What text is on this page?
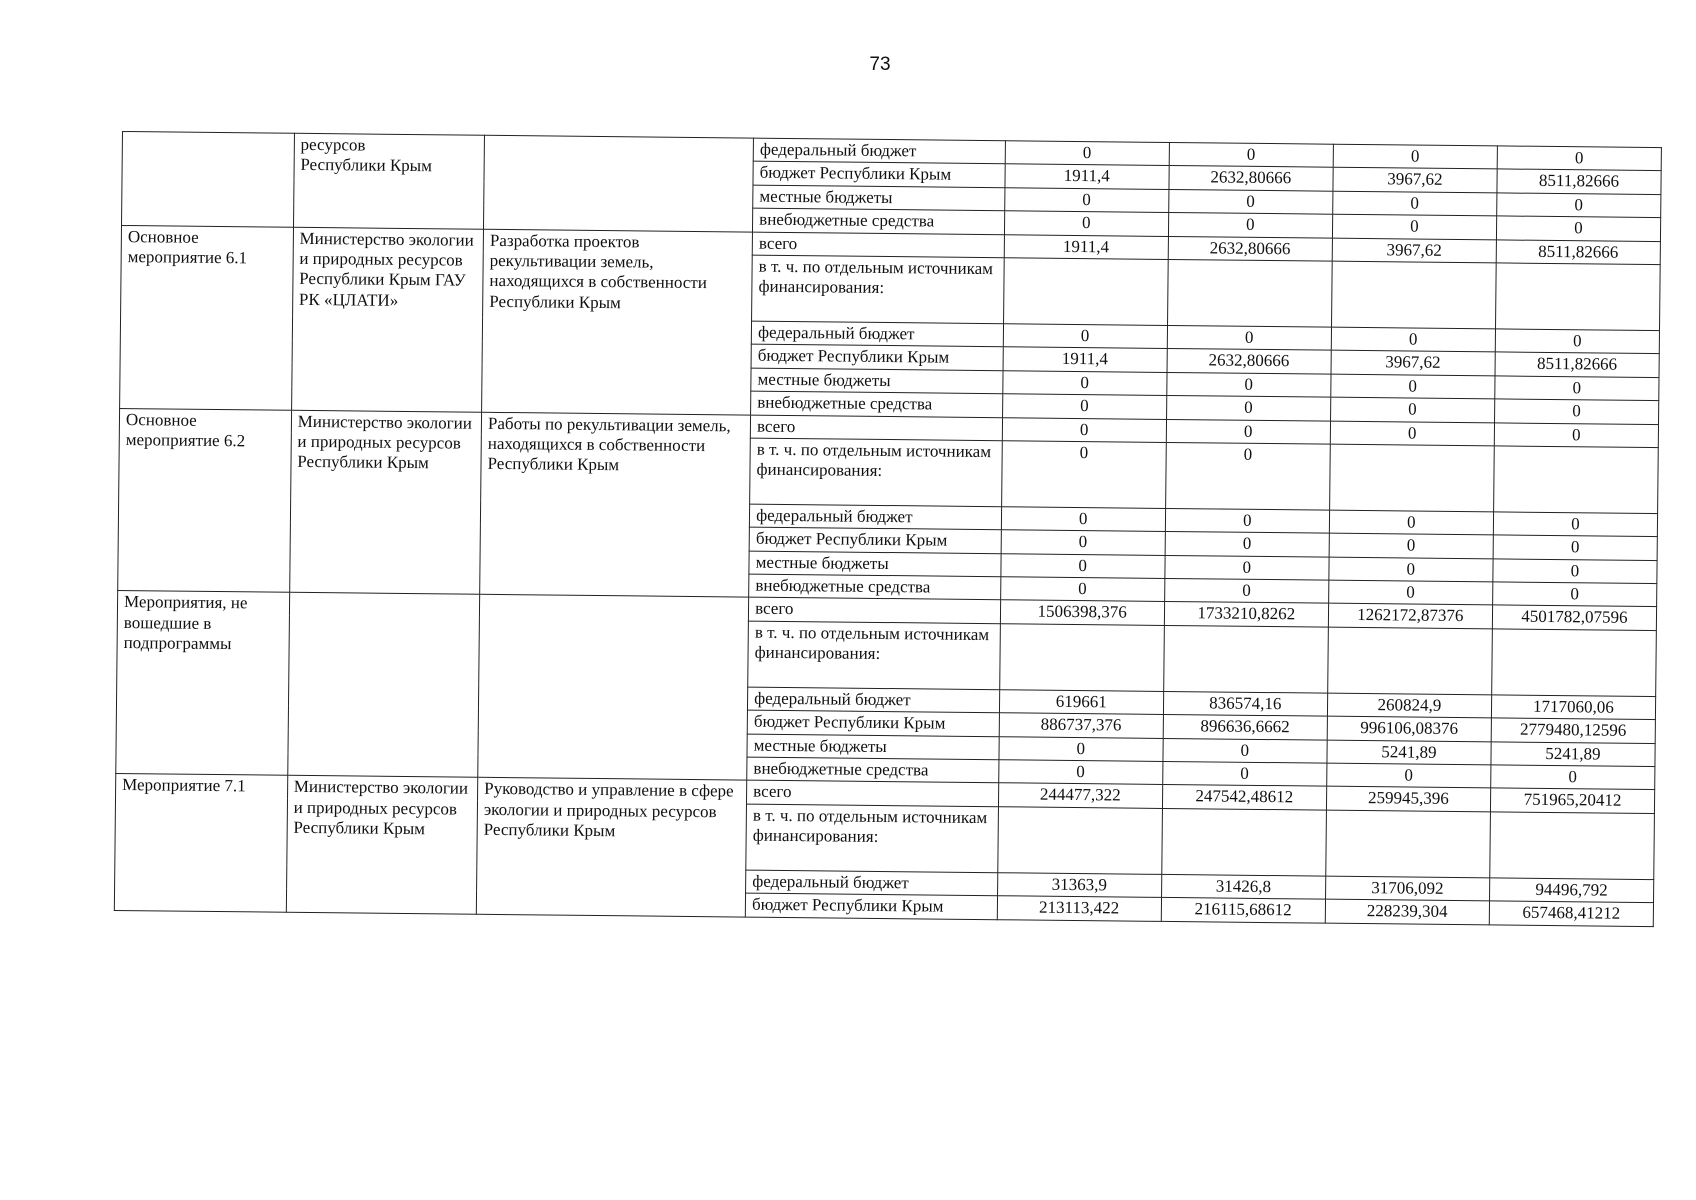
73
	ресурсов
Республики Крым		федеральный бюджет	0	0	0	0
			бюджет Республики Крым	1911,4	2632,80666	3967,62	8511,82666
			местные бюджеты	0	0	0	0
			внебюджетные средства	0	0	0	0
Основное мероприятие 6.1	Министерство экологии и природных ресурсов Республики Крым ГАУ РК «ЦЛАТИ»	Разработка проектов рекультивации земель, находящихся в собственности Республики Крым	всего	1911,4	2632,80666	3967,62	8511,82666
			в т. ч. по отдельным источникам финансирования:				
			федеральный бюджет	0	0	0	0
			бюджет Республики Крым	1911,4	2632,80666	3967,62	8511,82666
			местные бюджеты	0	0	0	0
			внебюджетные средства	0	0	0	0
Основное мероприятие 6.2	Министерство экологии и природных ресурсов Республики Крым	Работы по рекультивации земель, находящихся в собственности Республики Крым	всего	0	0	0	0
			в т. ч. по отдельным источникам финансирования:	0	0		
			федеральный бюджет	0	0	0	0
			бюджет Республики Крым	0	0	0	0
			местные бюджеты	0	0	0	0
			внебюджетные средства	0	0	0	0
Мероприятия, не вошедшие в подпрограммы			всего	1506398,376	1733210,8262	1262172,87376	4501782,07596
			в т. ч. по отдельным источникам финансирования:				
			федеральный бюджет	619661	836574,16	260824,9	1717060,06
			бюджет Республики Крым	886737,376	896636,6662	996106,08376	2779480,12596
			местные бюджеты	0	0	5241,89	5241,89
			внебюджетные средства	0	0	0	0
Мероприятие 7.1	Министерство экологии и природных ресурсов Республики Крым	Руководство и управление в сфере экологии и природных ресурсов Республики Крым	всего	244477,322	247542,48612	259945,396	751965,20412
			в т. ч. по отдельным источникам финансирования:				
			федеральный бюджет	31363,9	31426,8	31706,092	94496,792
			бюджет Республики Крым	213113,422	216115,68612	228239,304	657468,41212
